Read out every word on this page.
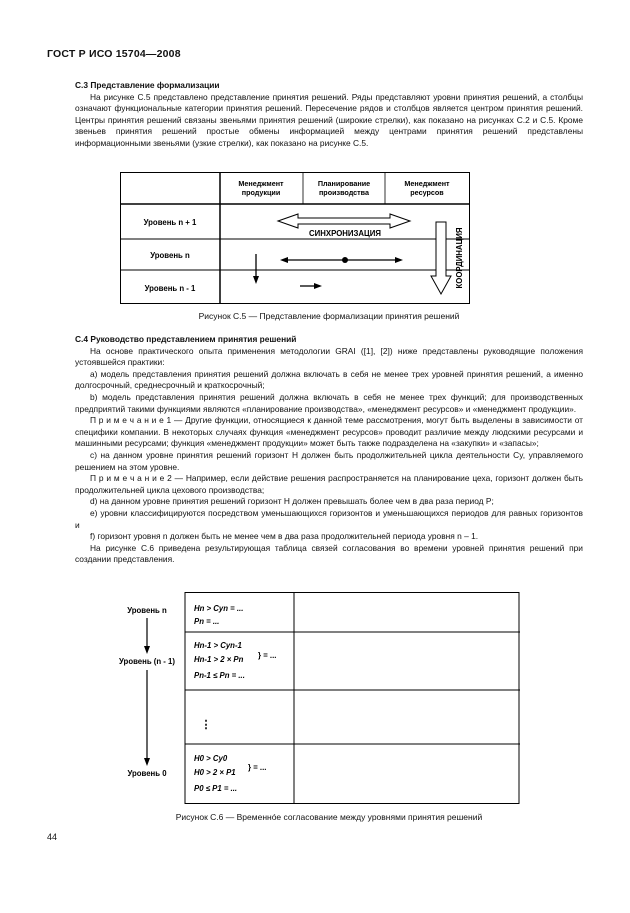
ГОСТ Р ИСО 15704—2008

С.3 Представление формализации

На рисунке С.5 представлено представление принятия решений. Ряды представляют уровни принятия решений, а столбцы означают функциональные категории принятия решений. Пересечение рядов и столбцов является центром принятия решений. Центры принятия решений связаны звеньями принятия решений (широкие стрелки), как показано на рисунках С.2 и С.5. Кроме звеньев принятия решений простые обмены информацией между центрами принятия решений представлены информационными звеньями (узкие стрелки), как показано на рисунке С.5.

Менеджмент продукции
Планирование производства
Менеджмент ресурсов
Уровень n + 1
Уровень n
Уровень n - 1
СИНХРОНИЗАЦИЯ	КООРДИНАЦИЯ
Рисунок С.5 — Представление формализации принятия решений

С.4 Руководство представлением принятия решений

На основе практического опыта применения методологии GRAI ([1], [2]) ниже представлены руководящие положения устоявшейся практики:

а) модель представления принятия решений должна включать в себя не менее трех уровней принятия решений, а именно долгосрочный, среднесрочный и краткосрочный;

b) модель представления принятия решений должна включать в себя не менее трех функций; для производственных предприятий такими функциями являются «планирование производства», «менеджмент ресурсов» и «менеджмент продукции».

П р и м е ч а н и е 1 — Другие функции, относящиеся к данной теме рассмотрения, могут быть выделены в зависимости от специфики компании. В некоторых случаях функция «менеджмент ресурсов» проводит различие между людскими ресурсами и машинными ресурсами; функция «менеджмент продукции» может быть также подразделена на «закупки» и «запасы»;

с) на данном уровне принятия решений горизонт H должен быть продолжительней цикла деятельности Cy, управляемого решением на этом уровне.

П р и м е ч а н и е 2 — Например, если действие решения распространяется на планирование цеха, горизонт должен быть продолжительней цикла цехового производства;

d) на данном уровне принятия решений горизонт H должен превышать более чем в два раза период P;

е) уровни классифицируются посредством уменьшающихся горизонтов и уменьшающихся периодов для равных горизонтов и

f) горизонт уровня n должен быть не менее чем в два раза продолжительней периода уровня n – 1.

На рисунке С.6 приведена результирующая таблица связей согласования во времени уровней принятия решений при создании представления.

Уровень n
Уровень (n - 1)
Уровень 0
Hn > Cyn = ...
Pn = ...
Hn-1 > Cyn-1
Hn-1 > 2 × Pn
Pn-1 ≤ Pn = ...
} = ...
⋮
H0 > Cy0
H0 > 2 × P1
P0 ≤ P1 = ...
} = ...
Рисунок С.6 — Временнóе согласование между уровнями принятия решений
44
